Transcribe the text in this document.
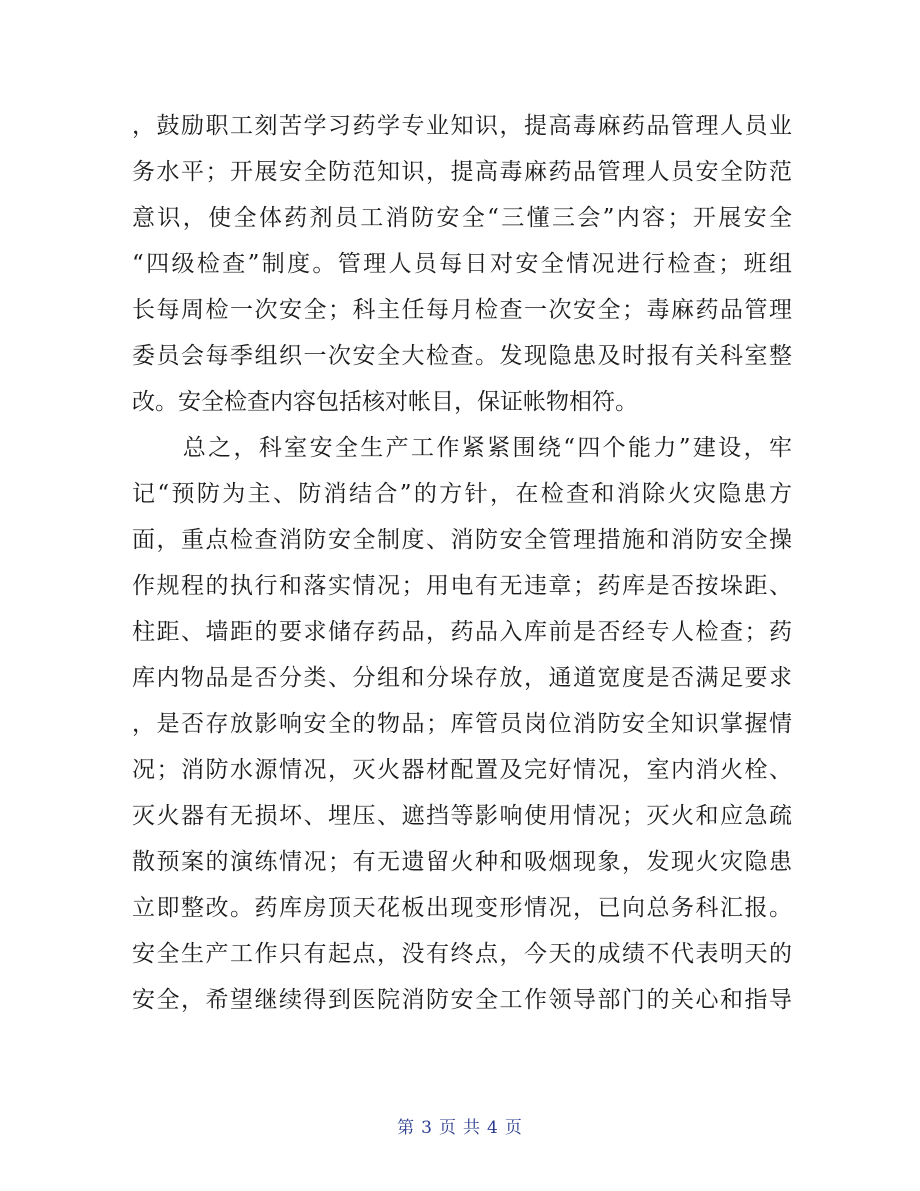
，鼓励职工刻苦学习药学专业知识，提高毒麻药品管理人员业
务水平；开展安全防范知识，提高毒麻药品管理人员安全防范
意识，使全体药剂员工消防安全“三懂三会”内容；开展安全
“四级检查”制度。管理人员每日对安全情况进行检查；班组
长每周检一次安全；科主任每月检查一次安全；毒麻药品管理
委员会每季组织一次安全大检查。发现隐患及时报有关科室整
改。安全检查内容包括核对帐目，保证帐物相符。
　　总之，科室安全生产工作紧紧围绕“四个能力”建设，牢
记“预防为主、防消结合”的方针，在检查和消除火灾隐患方
面，重点检查消防安全制度、消防安全管理措施和消防安全操
作规程的执行和落实情况；用电有无违章；药库是否按垛距、
柱距、墙距的要求储存药品，药品入库前是否经专人检查；药
库内物品是否分类、分组和分垛存放，通道宽度是否满足要求
，是否存放影响安全的物品；库管员岗位消防安全知识掌握情
况；消防水源情况，灭火器材配置及完好情况，室内消火栓、
灭火器有无损坏、埋压、遮挡等影响使用情况；灭火和应急疏
散预案的演练情况；有无遗留火种和吸烟现象，发现火灾隐患
立即整改。药库房顶天花板出现变形情况，已向总务科汇报。
安全生产工作只有起点，没有终点，今天的成绩不代表明天的
安全，希望继续得到医院消防安全工作领导部门的关心和指导
第 3 页 共 4 页
